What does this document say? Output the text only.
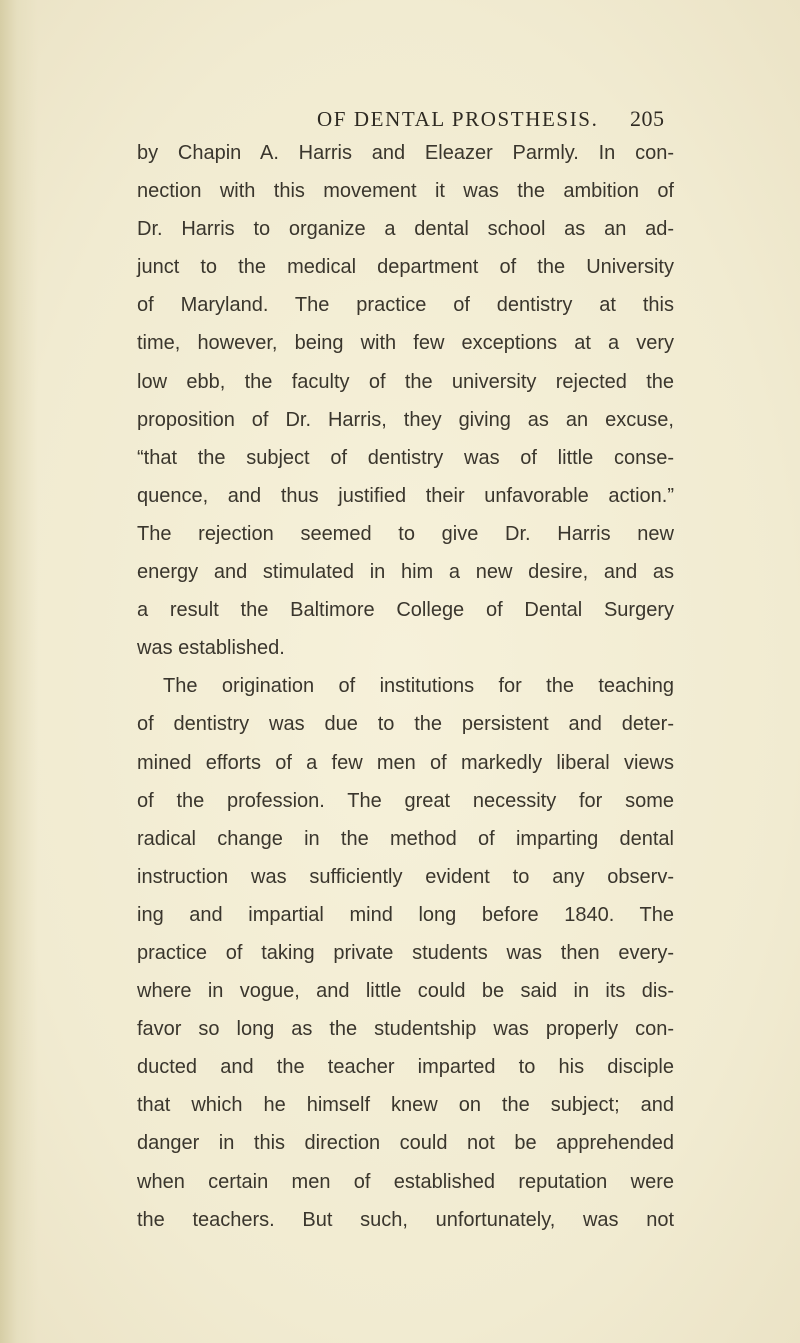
OF DENTAL PROSTHESIS. 205
by Chapin A. Harris and Eleazer Parmly. In con-
nection with this movement it was the ambition of
Dr. Harris to organize a dental school as an ad-
junct to the medical department of the University
of Maryland. The practice of dentistry at this
time, however, being with few exceptions at a very
low ebb, the faculty of the university rejected the
proposition of Dr. Harris, they giving as an excuse,
“that the subject of dentistry was of little conse-
quence, and thus justified their unfavorable action.”
The rejection seemed to give Dr. Harris new
energy and stimulated in him a new desire, and as
a result the Baltimore College of Dental Surgery
was established.
The origination of institutions for the teaching
of dentistry was due to the persistent and deter-
mined efforts of a few men of markedly liberal views
of the profession. The great necessity for some
radical change in the method of imparting dental
instruction was sufficiently evident to any observ-
ing and impartial mind long before 1840. The
practice of taking private students was then every-
where in vogue, and little could be said in its dis-
favor so long as the studentship was properly con-
ducted and the teacher imparted to his disciple
that which he himself knew on the subject; and
danger in this direction could not be apprehended
when certain men of established reputation were
the teachers. But such, unfortunately, was not
